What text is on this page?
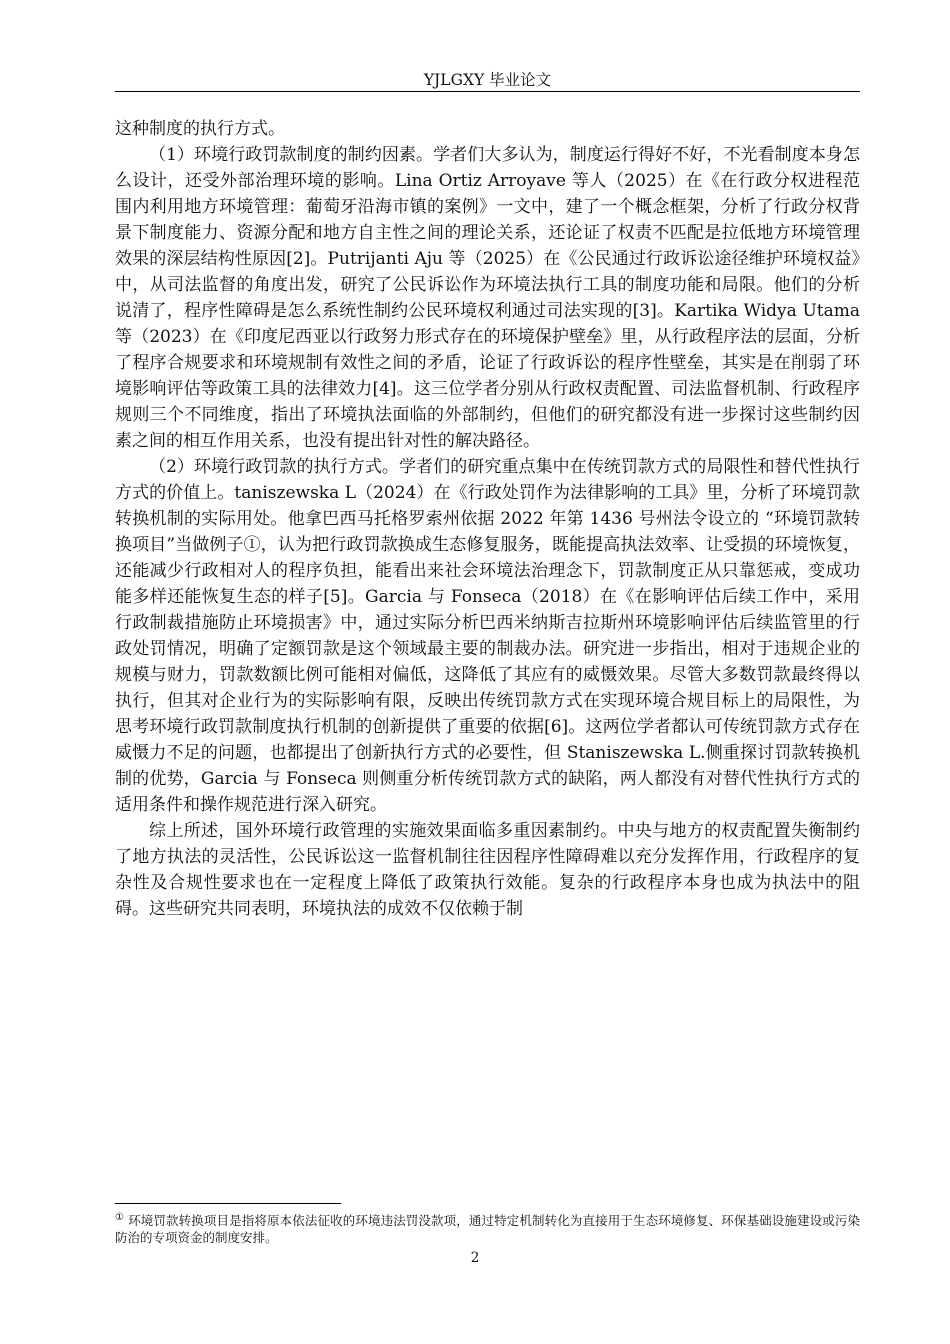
YJLGXY 毕业论文

这种制度的执行方式。

（1）环境行政罚款制度的制约因素。学者们大多认为，制度运行得好不好，不光看制度本身怎么设计，还受外部治理环境的影响。Lina Ortiz Arroyave 等人（2025）在《在行政分权进程范围内利用地方环境管理：葡萄牙沿海市镇的案例》一文中，建了一个概念框架，分析了行政分权背景下制度能力、资源分配和地方自主性之间的理论关系，还论证了权责不匹配是拉低地方环境管理效果的深层结构性原因[2]。Putrijanti Aju 等（2025）在《公民通过行政诉讼途径维护环境权益》中，从司法监督的角度出发，研究了公民诉讼作为环境法执行工具的制度功能和局限。他们的分析说清了，程序性障碍是怎么系统性制约公民环境权利通过司法实现的[3]。Kartika Widya Utama 等（2023）在《印度尼西亚以行政努力形式存在的环境保护壁垒》里，从行政程序法的层面，分析了程序合规要求和环境规制有效性之间的矛盾，论证了行政诉讼的程序性壁垒，其实是在削弱了环境影响评估等政策工具的法律效力[4]。这三位学者分别从行政权责配置、司法监督机制、行政程序规则三个不同维度，指出了环境执法面临的外部制约，但他们的研究都没有进一步探讨这些制约因素之间的相互作用关系，也没有提出针对性的解决路径。

（2）环境行政罚款的执行方式。学者们的研究重点集中在传统罚款方式的局限性和替代性执行方式的价值上。taniszewska L（2024）在《行政处罚作为法律影响的工具》里，分析了环境罚款转换机制的实际用处。他拿巴西马托格罗索州依据 2022 年第 1436 号州法令设立的 “环境罚款转换项目”当做例子①，认为把行政罚款换成生态修复服务，既能提高执法效率、让受损的环境恢复，还能减少行政相对人的程序负担，能看出来社会环境法治理念下，罚款制度正从只靠惩戒，变成功能多样还能恢复生态的样子[5]。Garcia 与 Fonseca（2018）在《在影响评估后续工作中，采用行政制裁措施防止环境损害》中，通过实际分析巴西米纳斯吉拉斯州环境影响评估后续监管里的行政处罚情况，明确了定额罚款是这个领域最主要的制裁办法。研究进一步指出，相对于违规企业的规模与财力，罚款数额比例可能相对偏低，这降低了其应有的威慑效果。尽管大多数罚款最终得以执行，但其对企业行为的实际影响有限，反映出传统罚款方式在实现环境合规目标上的局限性，为思考环境行政罚款制度执行机制的创新提供了重要的依据[6]。这两位学者都认可传统罚款方式存在威慑力不足的问题，也都提出了创新执行方式的必要性，但 Staniszewska L.侧重探讨罚款转换机制的优势，Garcia 与 Fonseca 则侧重分析传统罚款方式的缺陷，两人都没有对替代性执行方式的适用条件和操作规范进行深入研究。

综上所述，国外环境行政管理的实施效果面临多重因素制约。中央与地方的权责配置失衡制约了地方执法的灵活性，公民诉讼这一监督机制往往因程序性障碍难以充分发挥作用，行政程序的复杂性及合规性要求也在一定程度上降低了政策执行效能。复杂的行政程序本身也成为执法中的阻碍。这些研究共同表明，环境执法的成效不仅依赖于制

① 环境罚款转换项目是指将原本依法征收的环境违法罚没款项，通过特定机制转化为直接用于生态环境修复、环保基础设施建设或污染防治的专项资金的制度安排。
2
